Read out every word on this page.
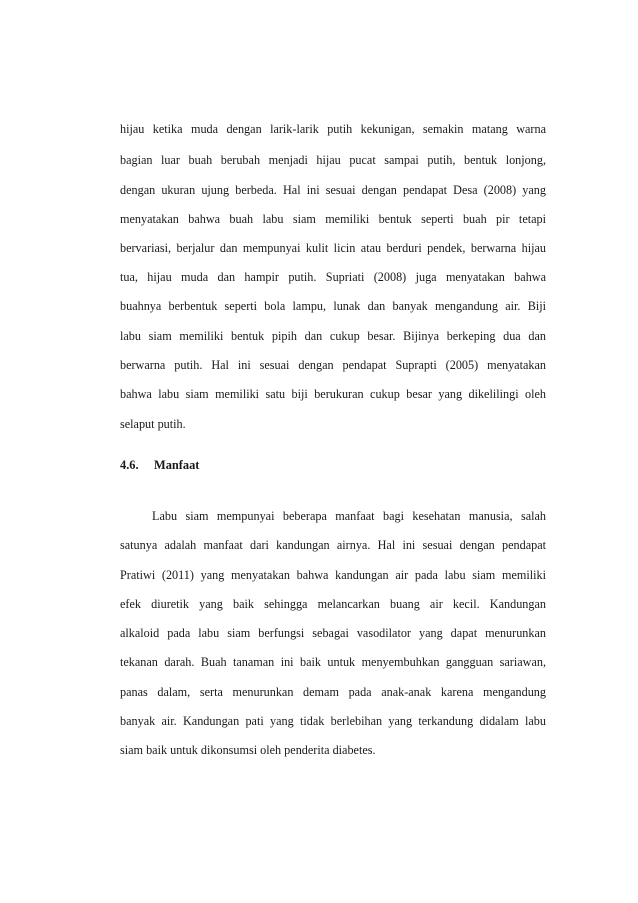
hijau ketika muda dengan larik-larik putih kekunigan, semakin matang warna
bagian luar buah berubah menjadi hijau pucat sampai putih, bentuk lonjong,
dengan ukuran ujung berbeda. Hal ini sesuai dengan pendapat Desa (2008) yang
menyatakan bahwa buah labu siam memiliki bentuk seperti buah pir tetapi
bervariasi, berjalur dan mempunyai kulit licin atau berduri pendek, berwarna hijau
tua, hijau muda dan hampir putih. Supriati (2008) juga menyatakan bahwa
buahnya berbentuk seperti bola lampu, lunak dan banyak mengandung air. Biji
labu siam memiliki bentuk pipih dan cukup besar. Bijinya berkeping dua dan
berwarna putih. Hal ini sesuai dengan pendapat Suprapti (2005) menyatakan
bahwa labu siam memiliki satu biji berukuran cukup besar yang dikelilingi oleh
selaput putih.
4.6. Manfaat
Labu siam mempunyai beberapa manfaat bagi kesehatan manusia, salah
satunya adalah manfaat dari kandungan airnya. Hal ini sesuai dengan pendapat
Pratiwi (2011) yang menyatakan bahwa kandungan air pada labu siam memiliki
efek diuretik yang baik sehingga melancarkan buang air kecil. Kandungan
alkaloid pada labu siam berfungsi sebagai vasodilator yang dapat menurunkan
tekanan darah. Buah tanaman ini baik untuk menyembuhkan gangguan sariawan,
panas dalam, serta menurunkan demam pada anak-anak karena mengandung
banyak air. Kandungan pati yang tidak berlebihan yang terkandung didalam labu
siam baik untuk dikonsumsi oleh penderita diabetes.
